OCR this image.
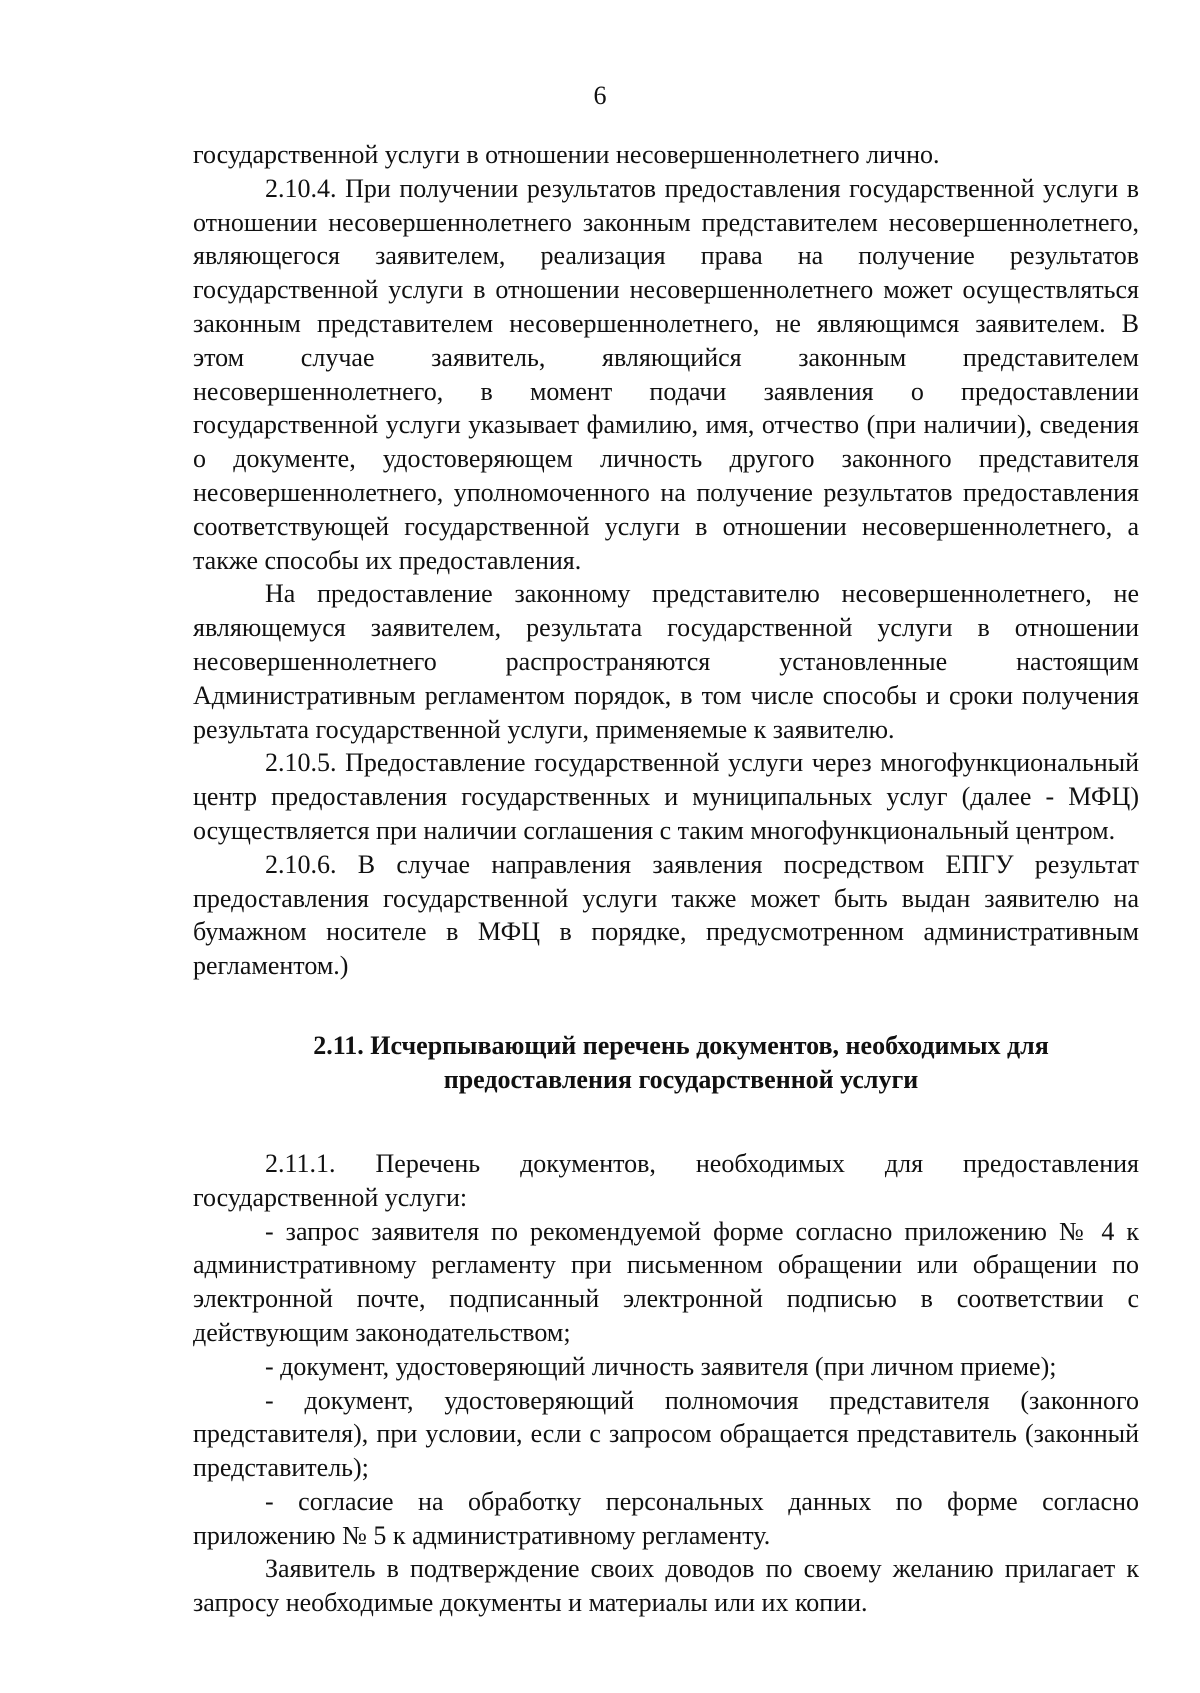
6

государственной услуги в отношении несовершеннолетнего лично.

2.10.4. При получении результатов предоставления государственной услуги в отношении несовершеннолетнего законным представителем несовершеннолетнего, являющегося заявителем, реализация права на получение результатов государственной услуги в отношении несовершеннолетнего может осуществляться законным представителем несовершеннолетнего, не являющимся заявителем. В этом случае заявитель, являющийся законным представителем несовершеннолетнего, в момент подачи заявления о предоставлении государственной услуги указывает фамилию, имя, отчество (при наличии), сведения о документе, удостоверяющем личность другого законного представителя несовершеннолетнего, уполномоченного на получение результатов предоставления соответствующей государственной услуги в отношении несовершеннолетнего, а также способы их предоставления.

На предоставление законному представителю несовершеннолетнего, не являющемуся заявителем, результата государственной услуги в отношении несовершеннолетнего распространяются установленные настоящим Административным регламентом порядок, в том числе способы и сроки получения результата государственной услуги, применяемые к заявителю.

2.10.5. Предоставление государственной услуги через многофункциональный центр предоставления государственных и муниципальных услуг (далее - МФЦ) осуществляется при наличии соглашения с таким многофункциональный центром.

2.10.6. В случае направления заявления посредством ЕПГУ результат предоставления государственной услуги также может быть выдан заявителю на бумажном носителе в МФЦ в порядке, предусмотренном административным регламентом.)

2.11. Исчерпывающий перечень документов, необходимых для
предоставления государственной услуги

2.11.1. Перечень документов, необходимых для предоставления государственной услуги:

- запрос заявителя по рекомендуемой форме согласно приложению № 4 к административному регламенту при письменном обращении или обращении по электронной почте, подписанный электронной подписью в соответствии с действующим законодательством;

- документ, удостоверяющий личность заявителя (при личном приеме);

- документ, удостоверяющий полномочия представителя (законного представителя), при условии, если с запросом обращается представитель (законный представитель);

- согласие на обработку персональных данных по форме согласно приложению № 5 к административному регламенту.

Заявитель в подтверждение своих доводов по своему желанию прилагает к запросу необходимые документы и материалы или их копии.
